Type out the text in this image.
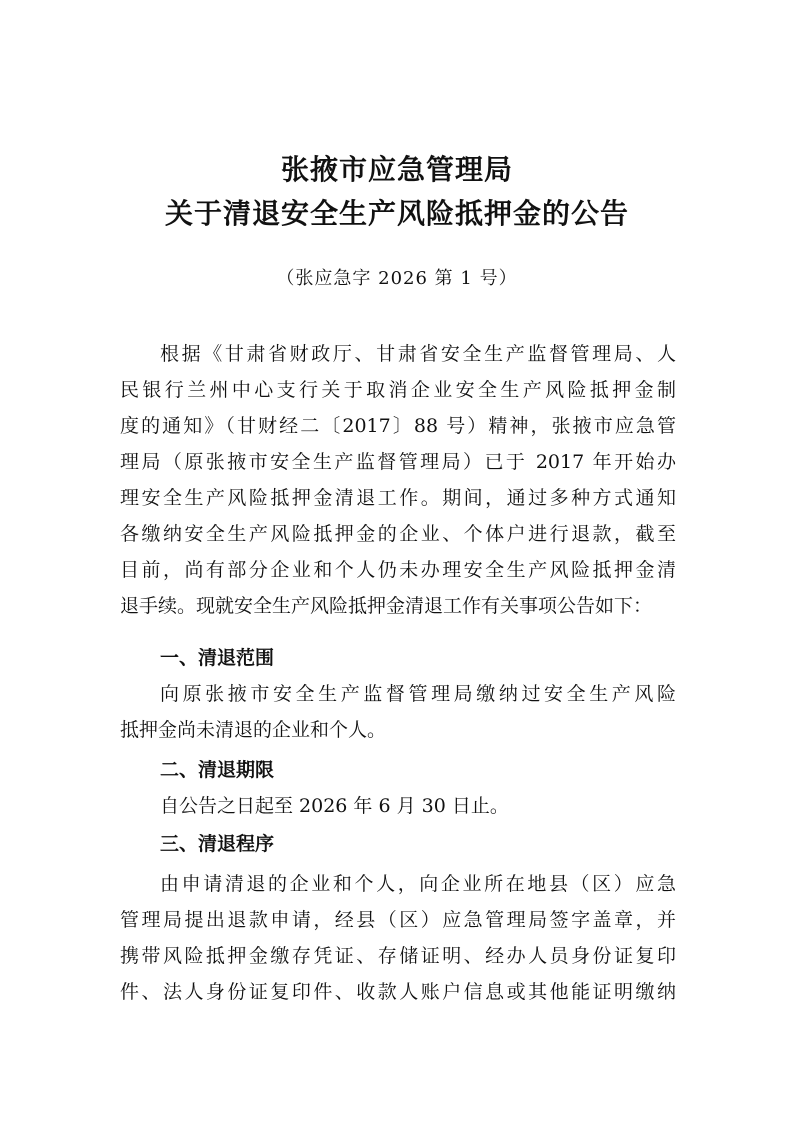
张掖市应急管理局
关于清退安全生产风险抵押金的公告
（张应急字 2026 第 1 号）
根据《甘肃省财政厅、甘肃省安全生产监督管理局、人
民银行兰州中心支行关于取消企业安全生产风险抵押金制
度的通知》（甘财经二〔2017〕88 号）精神，张掖市应急管
理局（原张掖市安全生产监督管理局）已于 2017 年开始办
理安全生产风险抵押金清退工作。期间，通过多种方式通知
各缴纳安全生产风险抵押金的企业、个体户进行退款，截至
目前，尚有部分企业和个人仍未办理安全生产风险抵押金清
退手续。现就安全生产风险抵押金清退工作有关事项公告如下：
一、清退范围
向原张掖市安全生产监督管理局缴纳过安全生产风险
抵押金尚未清退的企业和个人。
二、清退期限
自公告之日起至 2026 年 6 月 30 日止。
三、清退程序
由申请清退的企业和个人，向企业所在地县（区）应急
管理局提出退款申请，经县（区）应急管理局签字盖章，并
携带风险抵押金缴存凭证、存储证明、经办人员身份证复印
件、法人身份证复印件、收款人账户信息或其他能证明缴纳
